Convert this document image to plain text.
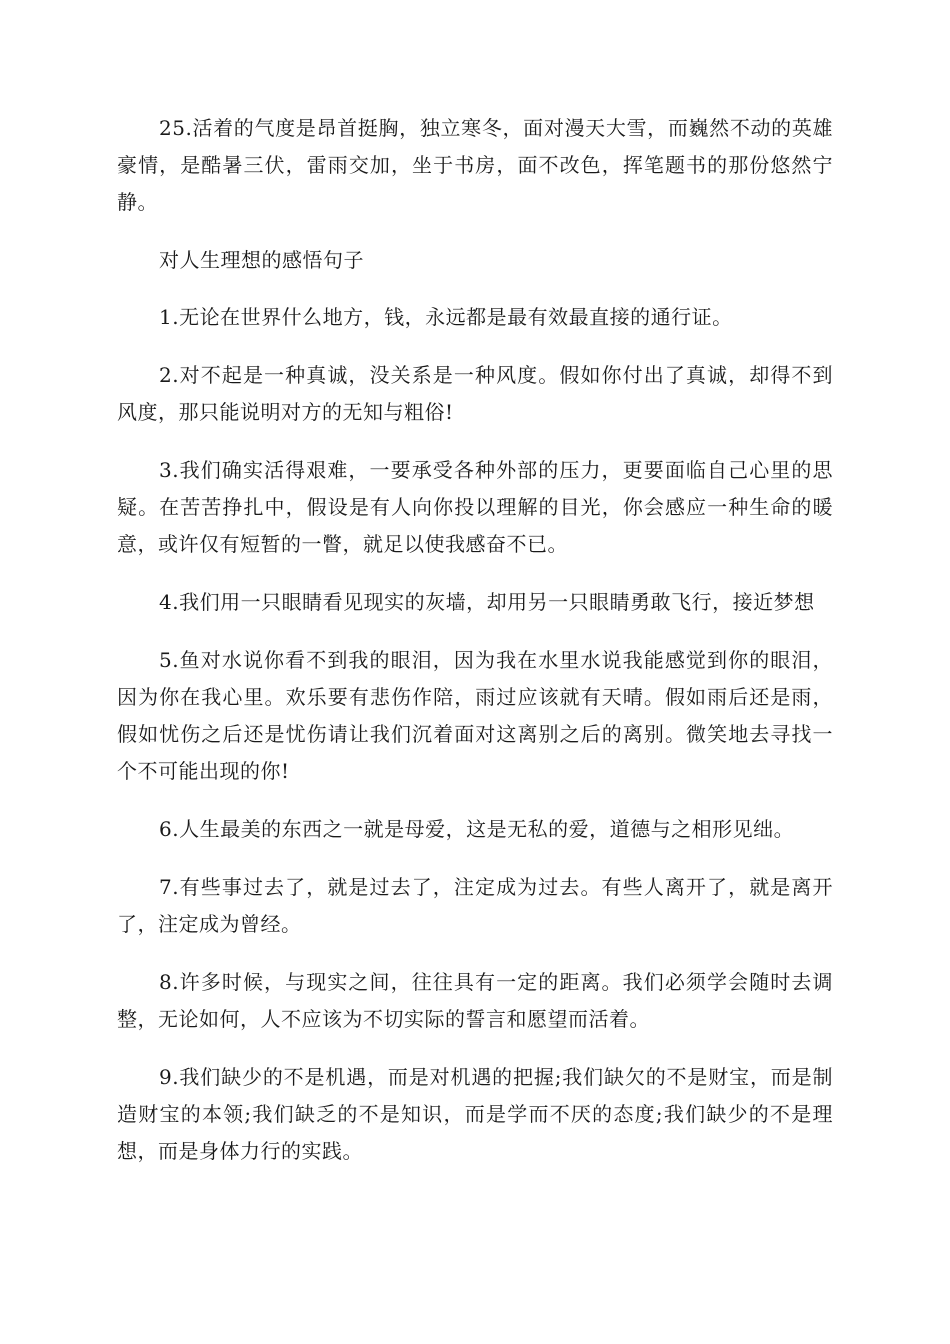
25.活着的气度是昂首挺胸，独立寒冬，面对漫天大雪，而巍然不动的英雄豪情，是酷暑三伏，雷雨交加，坐于书房，面不改色，挥笔题书的那份悠然宁静。

对人生理想的感悟句子

1.无论在世界什么地方，钱，永远都是最有效最直接的通行证。

2.对不起是一种真诚，没关系是一种风度。假如你付出了真诚，却得不到风度，那只能说明对方的无知与粗俗!

3.我们确实活得艰难，一要承受各种外部的压力，更要面临自己心里的思疑。在苦苦挣扎中，假设是有人向你投以理解的目光，你会感应一种生命的暖意，或许仅有短暂的一瞥，就足以使我感奋不已。

4.我们用一只眼睛看见现实的灰墙，却用另一只眼睛勇敢飞行，接近梦想

5.鱼对水说你看不到我的眼泪，因为我在水里水说我能感觉到你的眼泪，因为你在我心里。欢乐要有悲伤作陪，雨过应该就有天晴。假如雨后还是雨，假如忧伤之后还是忧伤请让我们沉着面对这离别之后的离别。微笑地去寻找一个不可能出现的你!

6.人生最美的东西之一就是母爱，这是无私的爱，道德与之相形见绌。

7.有些事过去了，就是过去了，注定成为过去。有些人离开了，就是离开了，注定成为曾经。

8.许多时候，与现实之间，往往具有一定的距离。我们必须学会随时去调整，无论如何，人不应该为不切实际的誓言和愿望而活着。

9.我们缺少的不是机遇，而是对机遇的把握;我们缺欠的不是财宝，而是制造财宝的本领;我们缺乏的不是知识，而是学而不厌的态度;我们缺少的不是理想，而是身体力行的实践。
